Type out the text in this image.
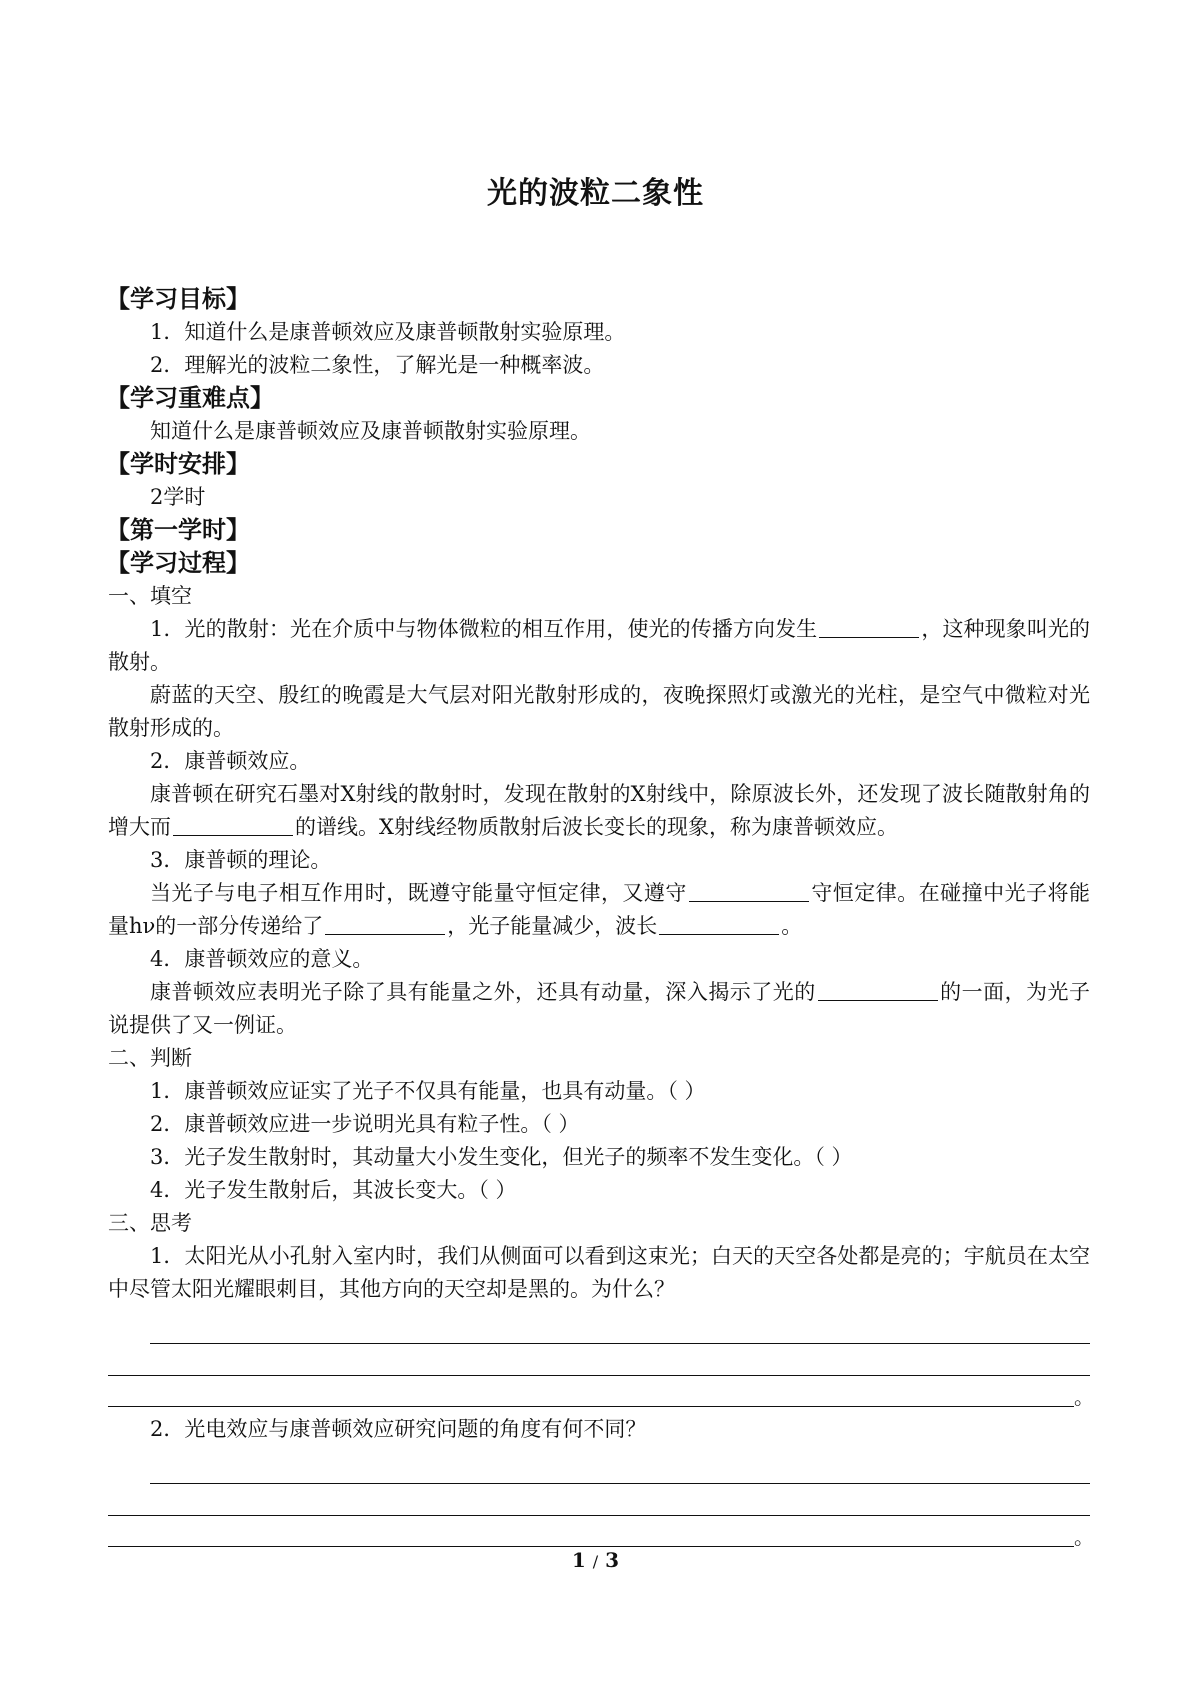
光的波粒二象性
【学习目标】
1．知道什么是康普顿效应及康普顿散射实验原理。
2．理解光的波粒二象性，了解光是一种概率波。
【学习重难点】
知道什么是康普顿效应及康普顿散射实验原理。
【学时安排】
2学时
【第一学时】
【学习过程】
一、填空
1．光的散射：光在介质中与物体微粒的相互作用，使光的传播方向发生	，这种现象叫光的散射。
蔚蓝的天空、殷红的晚霞是大气层对阳光散射形成的，夜晚探照灯或激光的光柱，是空气中微粒对光散射形成的。
2．康普顿效应。
康普顿在研究石墨对X射线的散射时，发现在散射的X射线中，除原波长外，还发现了波长随散射角的增大而	的谱线。X射线经物质散射后波长变长的现象，称为康普顿效应。
3．康普顿的理论。
当光子与电子相互作用时，既遵守能量守恒定律，又遵守	守恒定律。在碰撞中光子将能量hν的一部分传递给了	，光子能量减少，波长	。
4．康普顿效应的意义。
康普顿效应表明光子除了具有能量之外，还具有动量，深入揭示了光的	的一面，为光子说提供了又一例证。
二、判断
1．康普顿效应证实了光子不仅具有能量，也具有动量。（ ）
2．康普顿效应进一步说明光具有粒子性。（ ）
3．光子发生散射时，其动量大小发生变化，但光子的频率不发生变化。（ ）
4．光子发生散射后，其波长变大。（ ）
三、思考
1．太阳光从小孔射入室内时，我们从侧面可以看到这束光；白天的天空各处都是亮的；宇航员在太空中尽管太阳光耀眼刺目，其他方向的天空却是黑的。为什么？
。
2．光电效应与康普顿效应研究问题的角度有何不同？
。
1 / 3
